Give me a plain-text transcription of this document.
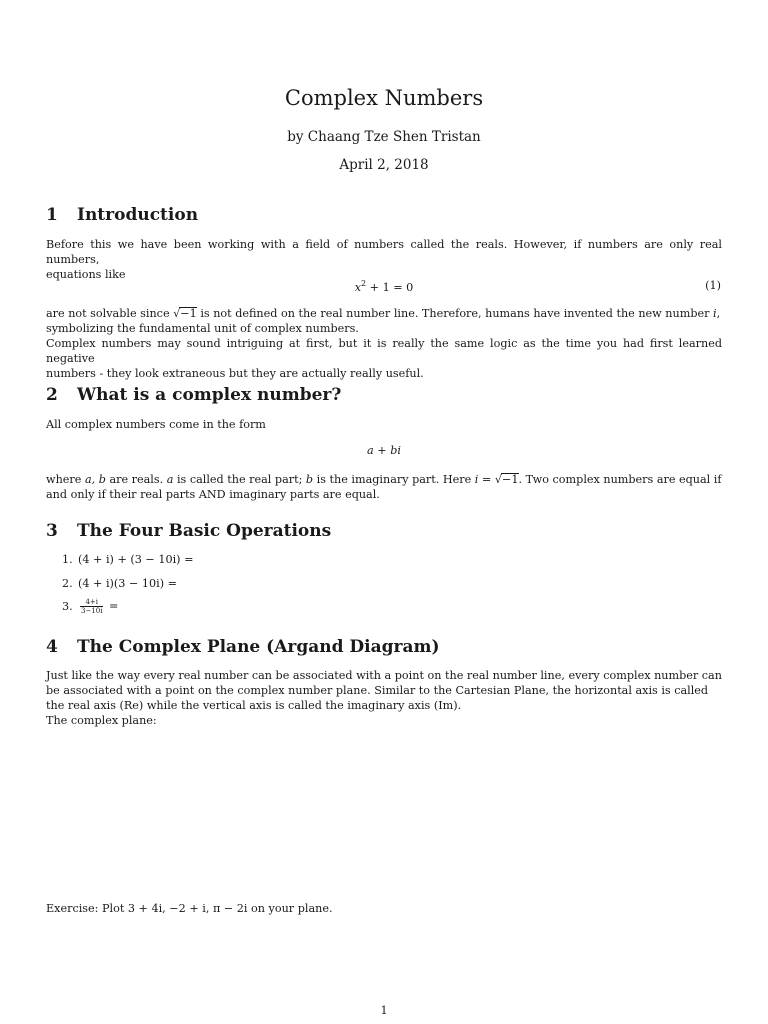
Complex Numbers
by Chaang Tze Shen Tristan
April 2, 2018
1 Introduction
Before this we have been working with a field of numbers called the reals. However, if numbers are only real numbers,
equations like
$x^2 + 1 = 0$	(1)
are not solvable since √−1 is not defined on the real number line. Therefore, humans have invented the new number i,
symbolizing the fundamental unit of complex numbers.
Complex numbers may sound intriguing at first, but it is really the same logic as the time you had first learned negative
numbers - they look extraneous but they are actually really useful.
2 What is a complex number?
All complex numbers come in the form
a + bi
where a, b are reals. a is called the real part; b is the imaginary part. Here i = √−1. Two complex numbers are equal if
and only if their real parts AND imaginary parts are equal.
3 The Four Basic Operations
1. (4 + i) + (3 − 10i) =
2. (4 + i)(3 − 10i) =
3. $\frac{4+i}{3-10i}$ =
4 The Complex Plane (Argand Diagram)
Just like the way every real number can be associated with a point on the real number line, every complex number can
be associated with a point on the complex number plane. Similar to the Cartesian Plane, the horizontal axis is called
the real axis (Re) while the vertical axis is called the imaginary axis (Im).
The complex plane:
Exercise: Plot 3 + 4i, −2 + i, π − 2i on your plane.
1
